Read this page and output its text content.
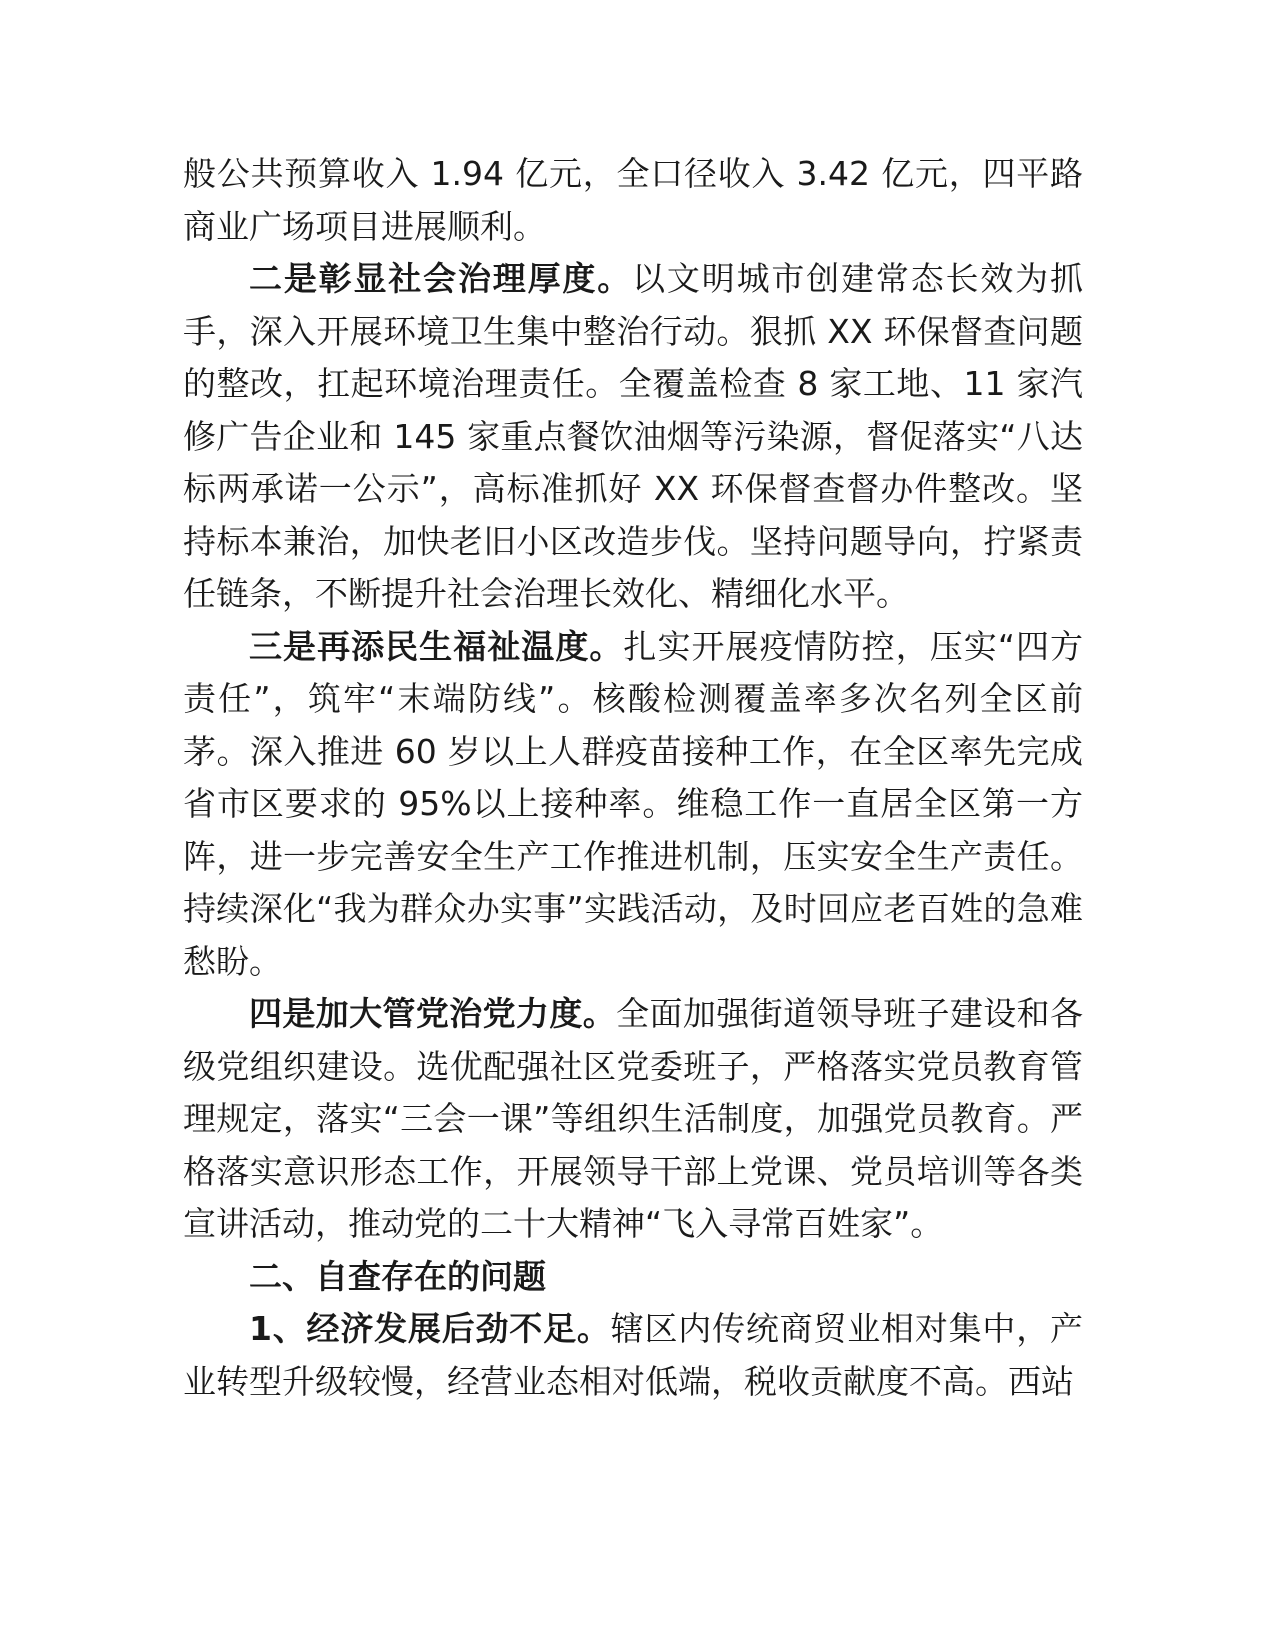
般公共预算收入 1.94 亿元，全口径收入 3.42 亿元，四平路商业广场项目进展顺利。

二是彰显社会治理厚度。以文明城市创建常态长效为抓手，深入开展环境卫生集中整治行动。狠抓 XX 环保督查问题的整改，扛起环境治理责任。全覆盖检查 8 家工地、11 家汽修广告企业和 145 家重点餐饮油烟等污染源，督促落实“八达标两承诺一公示”，高标准抓好 XX 环保督查督办件整改。坚持标本兼治，加快老旧小区改造步伐。坚持问题导向，拧紧责任链条，不断提升社会治理长效化、精细化水平。

三是再添民生福祉温度。扎实开展疫情防控，压实“四方责任”，筑牢“末端防线”。核酸检测覆盖率多次名列全区前茅。深入推进 60 岁以上人群疫苗接种工作，在全区率先完成省市区要求的 95%以上接种率。维稳工作一直居全区第一方阵，进一步完善安全生产工作推进机制，压实安全生产责任。持续深化“我为群众办实事”实践活动，及时回应老百姓的急难愁盼。

四是加大管党治党力度。全面加强街道领导班子建设和各级党组织建设。选优配强社区党委班子，严格落实党员教育管理规定，落实“三会一课”等组织生活制度，加强党员教育。严格落实意识形态工作，开展领导干部上党课、党员培训等各类宣讲活动，推动党的二十大精神“飞入寻常百姓家”。

二、自查存在的问题

1、经济发展后劲不足。辖区内传统商贸业相对集中，产业转型升级较慢，经营业态相对低端，税收贡献度不高。西站
